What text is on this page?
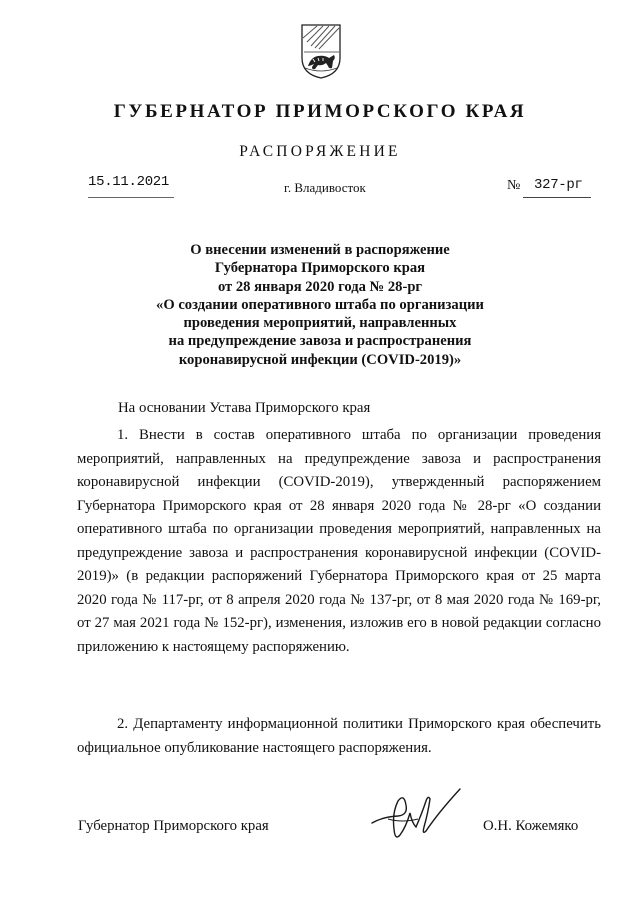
ГУБЕРНАТОР ПРИМОРСКОГО КРАЯ
РАСПОРЯЖЕНИЕ
15.11.2021	г. Владивосток	№ 327-рг
О внесении изменений в распоряжение
Губернатора Приморского края
от 28 января 2020 года № 28-рг
«О создании оперативного штаба по организации
проведения мероприятий, направленных
на предупреждение завоза и распространения
коронавирусной инфекции (COVID-2019)»
На основании Устава Приморского края

1. Внести в состав оперативного штаба по организации проведения мероприятий, направленных на предупреждение завоза и распространения коронавирусной инфекции (COVID-2019), утвержденный распоряжением Губернатора Приморского края от 28 января 2020 года № 28-рг «О создании оперативного штаба по организации проведения мероприятий, направленных на предупреждение завоза и распространения коронавирусной инфекции (COVID-2019)» (в редакции распоряжений Губернатора Приморского края от 25 марта 2020 года № 117-рг, от 8 апреля 2020 года № 137-рг, от 8 мая 2020 года № 169-рг, от 27 мая 2021 года № 152-рг), изменения, изложив его в новой редакции согласно приложению к настоящему распоряжению.

2. Департаменту информационной политики Приморского края обеспечить официальное опубликование настоящего распоряжения.

Губернатор Приморского края	О.Н. Кожемяко
